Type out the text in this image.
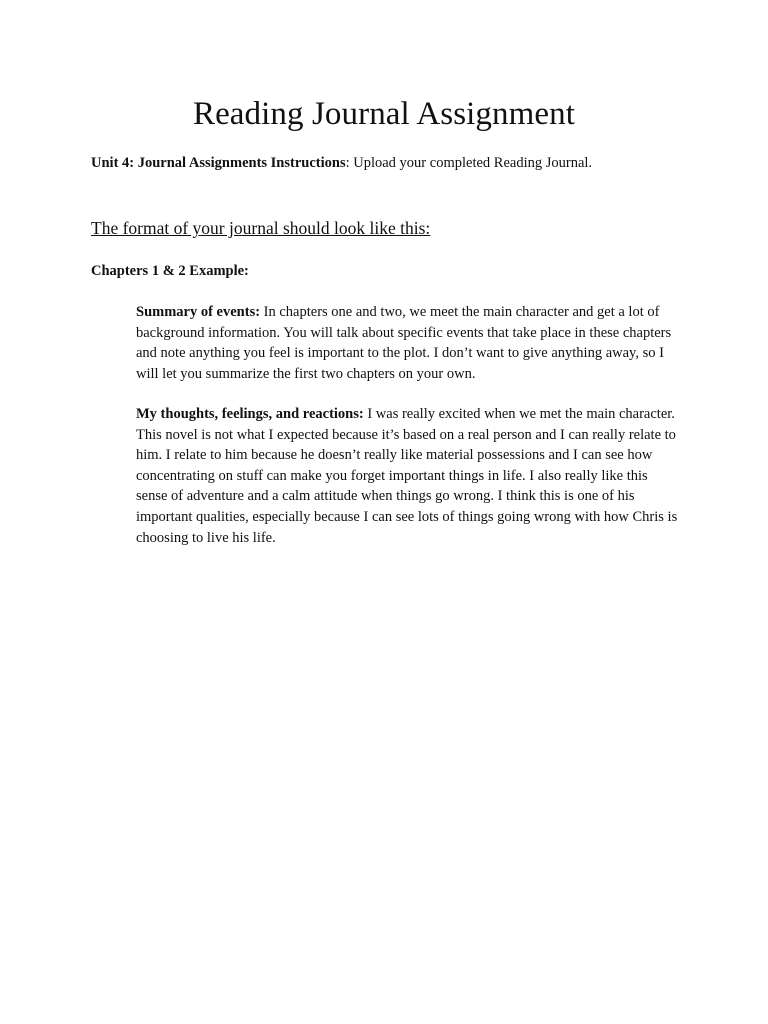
Reading Journal Assignment

Unit 4: Journal Assignments Instructions: Upload your completed Reading Journal.

The format of your journal should look like this:

Chapters 1 & 2 Example:

Summary of events: In chapters one and two, we meet the main character and get a lot of background information. You will talk about specific events that take place in these chapters and note anything you feel is important to the plot. I don’t want to give anything away, so I will let you summarize the first two chapters on your own.

My thoughts, feelings, and reactions: I was really excited when we met the main character. This novel is not what I expected because it’s based on a real person and I can really relate to him. I relate to him because he doesn’t really like material possessions and I can see how concentrating on stuff can make you forget important things in life. I also really like this sense of adventure and a calm attitude when things go wrong. I think this is one of his important qualities, especially because I can see lots of things going wrong with how Chris is choosing to live his life.
